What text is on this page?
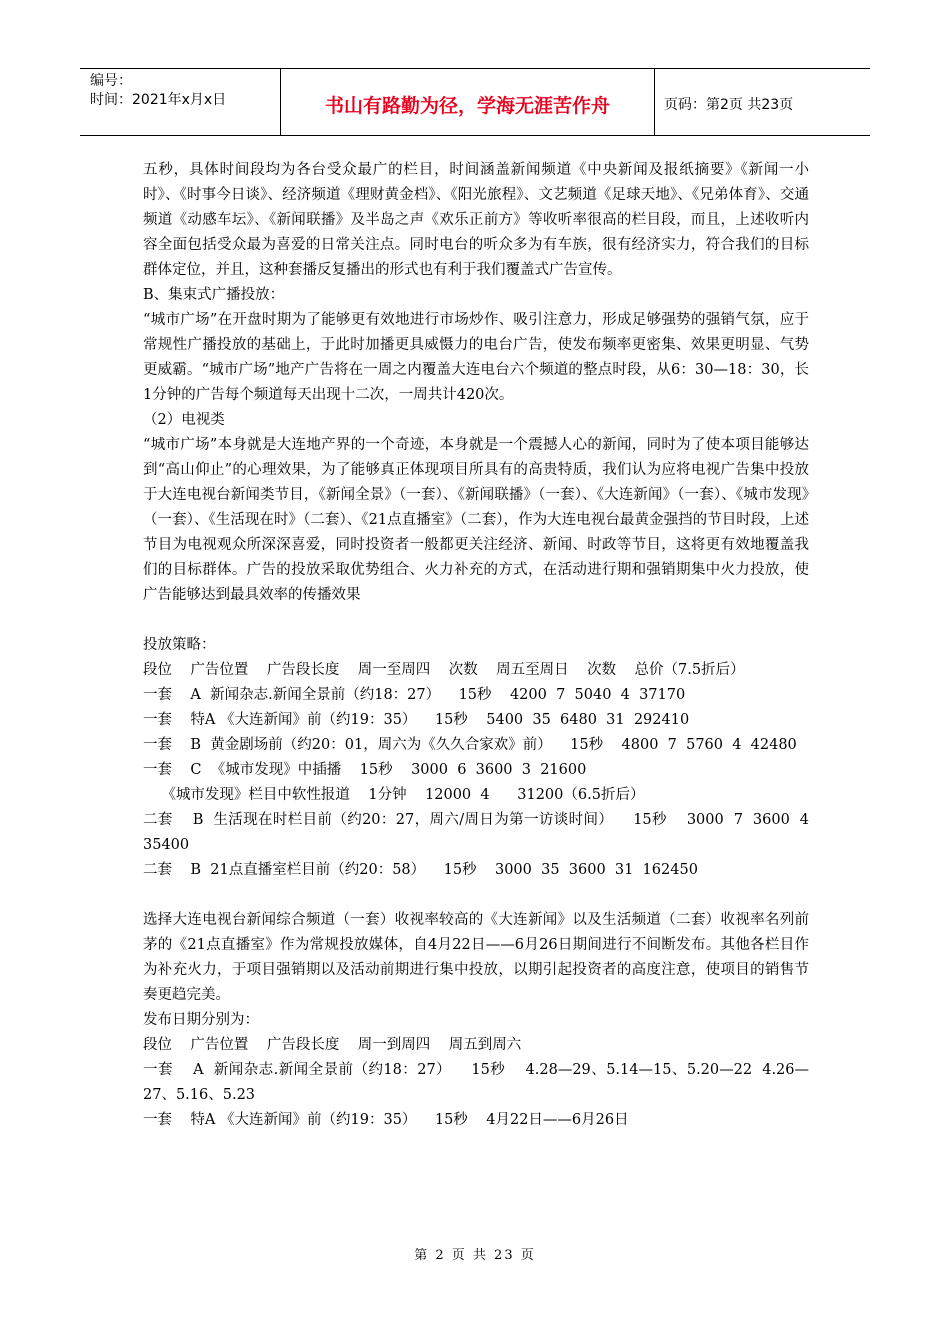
编号：
时间：2021年x月x日	书山有路勤为径，学海无涯苦作舟	页码：第2页 共23页

五秒，具体时间段均为各台受众最广的栏目，时间涵盖新闻频道《中央新闻及报纸摘要》《新闻一小时》、《时事今日谈》、经济频道《理财黄金档》、《阳光旅程》、文艺频道《足球天地》、《兄弟体育》、交通频道《动感车坛》、《新闻联播》及半岛之声《欢乐正前方》等收听率很高的栏目段，而且，上述收听内容全面包括受众最为喜爱的日常关注点。同时电台的听众多为有车族，很有经济实力，符合我们的目标群体定位，并且，这种套播反复播出的形式也有利于我们覆盖式广告宣传。

B、集束式广播投放：

“城市广场”在开盘时期为了能够更有效地进行市场炒作、吸引注意力，形成足够强势的强销气氛，应于常规性广播投放的基础上，于此时加播更具威慑力的电台广告，使发布频率更密集、效果更明显、气势更威霸。“城市广场”地产广告将在一周之内覆盖大连电台六个频道的整点时段，从6：30—18：30，长1分钟的广告每个频道每天出现十二次，一周共计420次。

（2）电视类

“城市广场”本身就是大连地产界的一个奇迹，本身就是一个震撼人心的新闻，同时为了使本项目能够达到“高山仰止”的心理效果，为了能够真正体现项目所具有的高贵特质，我们认为应将电视广告集中投放于大连电视台新闻类节目，《新闻全景》（一套）、《新闻联播》（一套）、《大连新闻》（一套）、《城市发现》（一套）、《生活现在时》（二套）、《21点直播室》（二套），作为大连电视台最黄金强挡的节目时段，上述节目为电视观众所深深喜爱，同时投资者一般都更关注经济、新闻、时政等节目，这将更有效地覆盖我们的目标群体。广告的投放采取优势组合、火力补充的方式，在活动进行期和强销期集中火力投放，使广告能够达到最具效率的传播效果

投放策略：

段位    广告位置    广告段长度    周一至周四    次数    周五至周日    次数    总价（7.5折后）

一套    A  新闻杂志.新闻全景前（约18：27）    15秒    4200  7  5040  4  37170

一套    特A 《大连新闻》前（约19：35）    15秒    5400  35  6480  31  292410

一套    B  黄金剧场前（约20：01，周六为《久久合家欢》前）    15秒    4800  7  5760  4  42480

一套    C  《城市发现》中插播    15秒    3000  6  3600  3  21600

《城市发现》栏目中软性报道    1分钟    12000  4      31200（6.5折后）

二套    B  生活现在时栏目前（约20：27，周六/周日为第一访谈时间）    15秒    3000  7  3600  4  35400

二套    B  21点直播室栏目前（约20：58）    15秒    3000  35  3600  31  162450

选择大连电视台新闻综合频道（一套）收视率较高的《大连新闻》以及生活频道（二套）收视率名列前茅的《21点直播室》作为常规投放媒体，自4月22日——6月26日期间进行不间断发布。其他各栏目作为补充火力，于项目强销期以及活动前期进行集中投放，以期引起投资者的高度注意，使项目的销售节奏更趋完美。

发布日期分别为：

段位    广告位置    广告段长度    周一到周四    周五到周六

一套    A  新闻杂志.新闻全景前（约18：27）    15秒    4.28—29、5.14—15、5.20—22  4.26—27、5.16、5.23

一套    特A 《大连新闻》前（约19：35）    15秒    4月22日——6月26日

第 2 页 共 23 页
